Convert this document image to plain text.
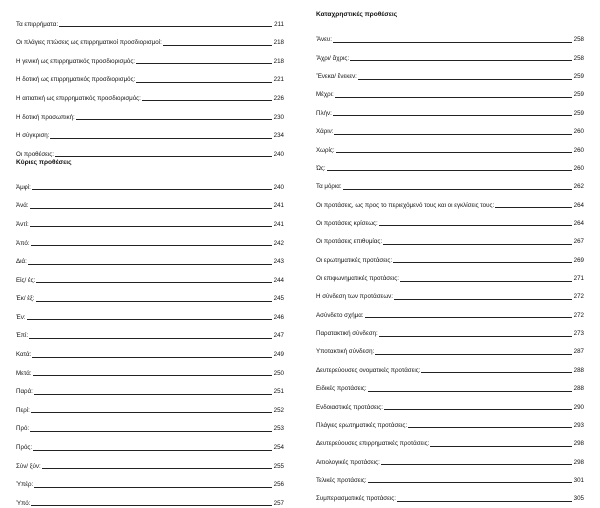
Τα επιρρήματα:	211
Οι πλάγιες πτώσεις ως επιρρηματικοί προσδιορισμοί:	218
Η γενική ως επιρρηματικός προσδιορισμός:	218
Η δοτική ως επιρρηματικός προσδιορισμός:	221
Η αιτιατική ως επιρρηματικός προσδιορισμός:	226
Η δοτική προσωπική:	230
Η σύγκριση:	234
Οι προθέσεις:	240
Κύριες προθέσεις
Ἀμφί:	240
Ἀνά:	241
Ἀντί:	241
Ἀπό:	242
Διά:	243
Εἰς/ ἐς:	244
Ἐκ/ ἐξ:	245
Ἐν:	246
Ἐπί:	247
Κατά:	249
Μετά:	250
Παρά:	251
Περί:	252
Πρό:	253
Πρός:	254
Σύν/ ξύν:	255
Ὑπέρ:	256
Ὑπό:	257
Καταχρηστικές προθέσεις
Ἄνευ:	258
Ἄχρι/ ἄχρις:	258
Ἕνεκα/ ἕνεκεν:	259
Μέχρι:	259
Πλήν:	259
Χάριν:	260
Χωρίς:	260
Ὡς:	260
Τα μόρια:	262
Οι προτάσεις, ως προς το περιεχόμενό τους και οι εγκλίσεις τους:	264
Οι προτάσεις κρίσεως:	264
Οι προτάσεις επιθυμίας:	267
Οι ερωτηματικές προτάσεις:	269
Οι επιφωνηματικές προτάσεις:	271
Η σύνδεση των προτάσεων:	272
Ασύνδετο σχήμα:	272
Παρατακτική σύνδεση:	273
Υποτακτική σύνδεση:	287
Δευτερεύουσες ονοματικές προτάσεις:	288
Ειδικές προτάσεις:	288
Ενδοιαστικές προτάσεις:	290
Πλάγιες ερωτηματικές προτάσεις:	293
Δευτερεύουσες επιρρηματικές προτάσεις:	298
Αιτιολογικές προτάσεις:	298
Τελικές προτάσεις:	301
Συμπερασματικές προτάσεις:	305
